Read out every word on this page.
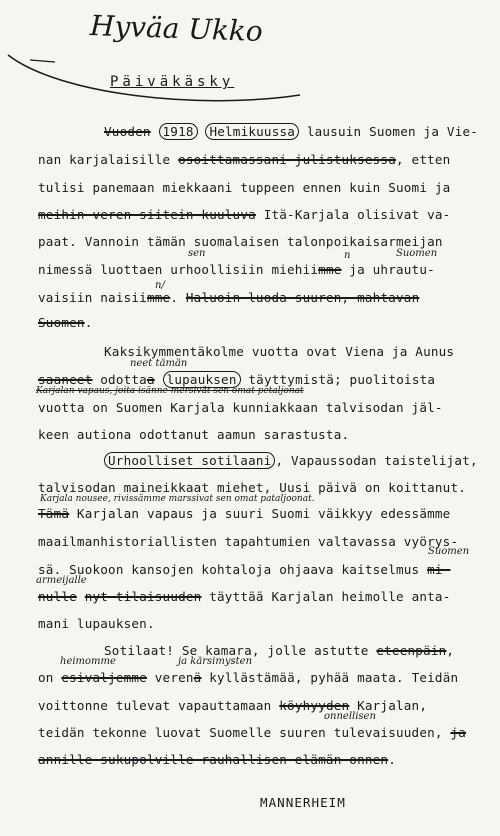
Hyväa Ukko
Päiväkäsky
Vuoden 1918 Helmikuussa lausuin Suomen ja Vie-
nan karjalaisille osoittamassani julistuksessa, etten
tulisi panemaan miekkaani tuppeen ennen kuin Suomi ja
meihin veren siitein kuuluva Itä-Karjala olisivat va-
paat. Vannoin tämän suomalaisen talonpoikaisarmeijan
sen	n	Suomen
nimessä luottaen urhoollisiin miehiimme ja uhrautu-
n/
vaisiin naisiimme. Haluoin luoda suuren, mahtavan
Suomen.
Kaksikymmentäkolme vuotta ovat Viena ja Aunus
neet tämän
saaneet odottaa lupauksen täyttymistä; puolitoista
Karjalan vapaus, joita isänne mersivät sen omat petaljonat
vuotta on Suomen Karjala kunniakkaan talvisodan jäl-
keen autiona odottanut aamun sarastusta.
Urhoolliset sotilaani , Vapaussodan taistelijat,
talvisodan maineikkaat miehet, Uusi päivä on koittanut.
Karjala nousee, rivissämme marssivat sen omat pataljoonat.
Tämä Karjalan vapaus ja suuri Suomi väikkyy edessämme
maailmanhistoriallisten tapahtumien valtavassa vyörys-
Suomen
sä. Suokoon kansojen kohtaloja ohjaava kaitselmus mi-
armeijalle
nulle nyt tilaisuuden täyttää Karjalan heimolle anta-
mani lupauksen.
Sotilaat! Se kamara, jolle astutte eteenpäin,
heimomme	ja kärsimysten
on esivaljemme verenä kyllästämää, pyhää maata. Teidän
voittonne tulevat vapauttamaan köyhyyden Karjalan,
onnellisen
teidän tekonne luovat Suomelle suuren tulevaisuuden, ja
annille sukupolville rauhallisen elämän onnen.
MANNERHEIM
